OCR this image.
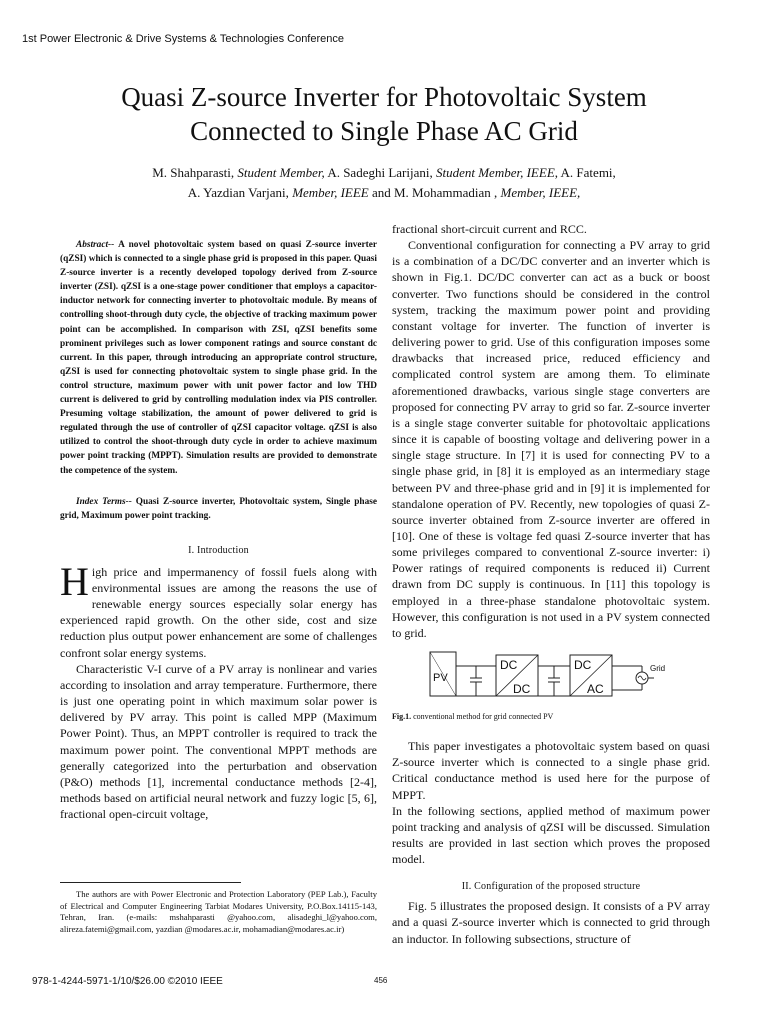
1st Power Electronic & Drive Systems & Technologies Conference
Quasi Z-source Inverter for Photovoltaic System
Connected to Single Phase AC Grid
M. Shahparasti, Student Member, A. Sadeghi Larijani, Student Member, IEEE, A. Fatemi,
A. Yazdian Varjani, Member, IEEE and M. Mohammadian , Member, IEEE,

Abstract-- A novel photovoltaic system based on quasi Z-source inverter (qZSI) which is connected to a single phase grid is proposed in this paper. Quasi Z-source inverter is a recently developed topology derived from Z-source inverter (ZSI). qZSI is a one-stage power conditioner that employs a capacitor-inductor network for connecting inverter to photovoltaic module. By means of controlling shoot-through duty cycle, the objective of tracking maximum power point can be accomplished. In comparison with ZSI, qZSI benefits some prominent privileges such as lower component ratings and source constant dc current. In this paper, through introducing an appropriate control structure, qZSI is used for connecting photovoltaic system to single phase grid. In the control structure, maximum power with unit power factor and low THD current is delivered to grid by controlling modulation index via PIS controller. Presuming voltage stabilization, the amount of power delivered to grid is regulated through the use of controller of qZSI capacitor voltage. qZSI is also utilized to control the shoot-through duty cycle in order to achieve maximum power point tracking (MPPT). Simulation results are provided to demonstrate the competence of the system.

Index Terms-- Quasi Z-source inverter, Photovoltaic system, Single phase grid, Maximum power point tracking.

I. Introduction

High price and impermanency of fossil fuels along with environmental issues are among the reasons the use of renewable energy sources especially solar energy has experienced rapid growth. On the other side, cost and size reduction plus output power enhancement are some of challenges confront solar energy systems.

Characteristic V-I curve of a PV array is nonlinear and varies according to insolation and array temperature. Furthermore, there is just one operating point in which maximum solar power is delivered by PV array. This point is called MPP (Maximum Power Point). Thus, an MPPT controller is required to track the maximum power point. The conventional MPPT methods are generally categorized into the perturbation and observation (P&O) methods [1], incremental conductance methods [2-4], methods based on artificial neural network and fuzzy logic [5, 6], fractional open-circuit voltage,

The authors are with Power Electronic and Protection Laboratory (PEP Lab.), Faculty of Electrical and Computer Engineering Tarbiat Modares University, P.O.Box.14115-143, Tehran, Iran. (e-mails: mshahparasti @yahoo.com, alisadeghi_l@yahoo.com, alireza.fatemi@gmail.com, yazdian @modares.ac.ir, mohamadian@modares.ac.ir)

fractional short-circuit current and RCC.

Conventional configuration for connecting a PV array to grid is a combination of a DC/DC converter and an inverter which is shown in Fig.1. DC/DC converter can act as a buck or boost converter. Two functions should be considered in the control system, tracking the maximum power point and providing constant voltage for inverter. The function of inverter is delivering power to grid. Use of this configuration imposes some drawbacks that increased price, reduced efficiency and complicated control system are among them. To eliminate aforementioned drawbacks, various single stage converters are proposed for connecting PV array to grid so far. Z-source inverter is a single stage converter suitable for photovoltaic applications since it is capable of boosting voltage and delivering power in a single stage structure. In [7] it is used for connecting PV to a single phase grid, in [8] it is employed as an intermediary stage between PV and three-phase grid and in [9] it is implemented for standalone operation of PV. Recently, new topologies of quasi Z-source inverter obtained from Z-source inverter are offered in [10]. One of these is voltage fed quasi Z-source inverter that has some privileges compared to conventional Z-source inverter: i) Power ratings of required components is reduced ii) Current drawn from DC supply is continuous. In [11] this topology is employed in a three-phase standalone photovoltaic system. However, this configuration is not used in a PV system connected to grid.

PV
DC
DC
DC
AC
Grid

Fig.1. conventional method for grid connected PV

This paper investigates a photovoltaic system based on quasi Z-source inverter which is connected to a single phase grid. Critical conductance method is used here for the purpose of MPPT.

In the following sections, applied method of maximum power point tracking and analysis of qZSI will be discussed. Simulation results are provided in last section which proves the proposed model.

II. Configuration of the proposed structure

Fig. 5 illustrates the proposed design. It consists of a PV array and a quasi Z-source inverter which is connected to grid through an inductor. In following subsections, structure of

978-1-4244-5971-1/10/$26.00 ©2010 IEEE	456
